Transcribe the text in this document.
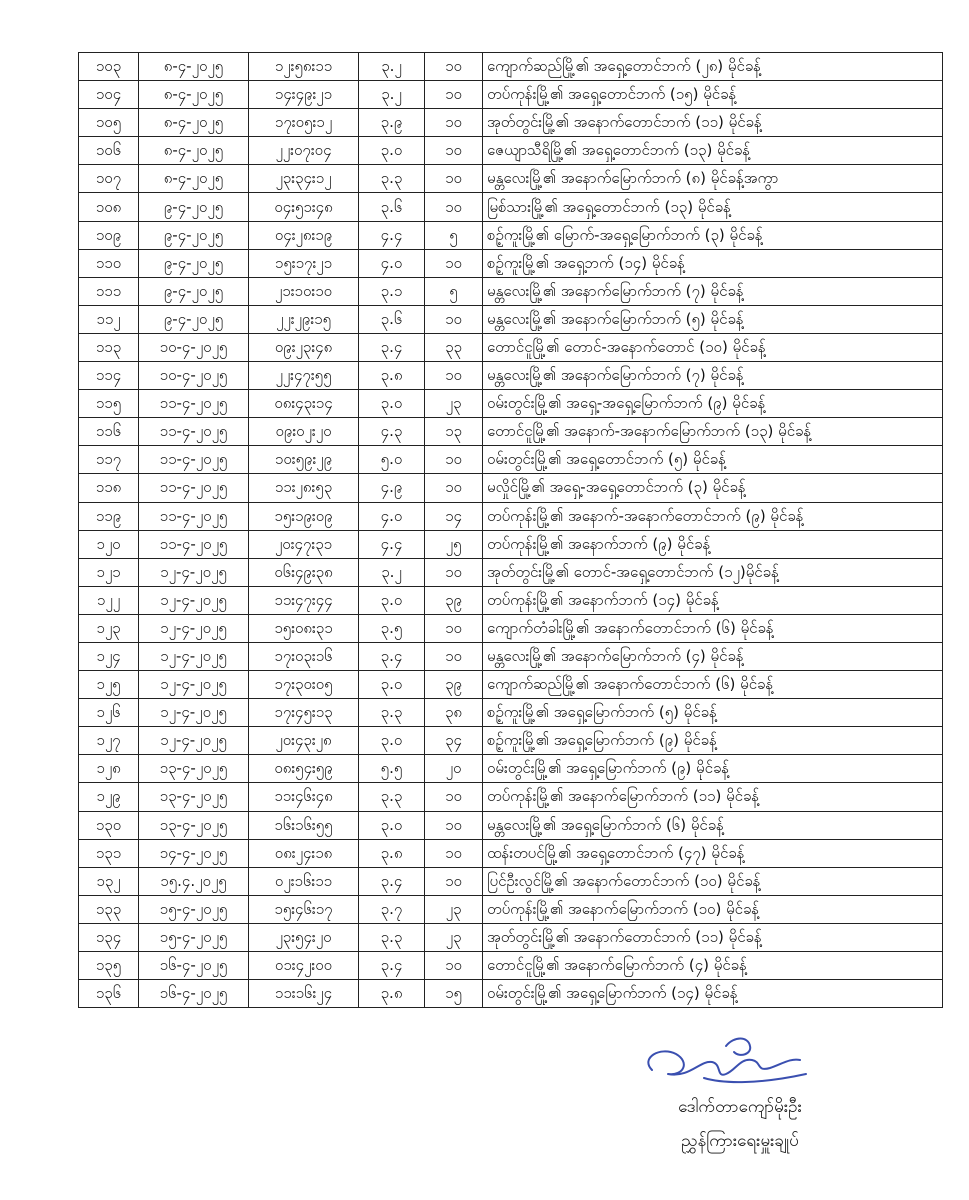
၁၀၃	၈-၄-၂၀၂၅	၁၂း၅၈း၁၁	၃.၂	၁၀	ကျောက်ဆည်မြို့၏ အရှေ့တောင်ဘက် (၂၈) မိုင်ခန့်
၁၀၄	၈-၄-၂၀၂၅	၁၄း၄၉း၂၁	၃.၂	၁၀	တပ်ကုန်းမြို့၏ အရှေ့တောင်ဘက် (၁၅) မိုင်ခန့်
၁၀၅	၈-၄-၂၀၂၅	၁၇း၀၅း၁၂	၃.၉	၁၀	အုတ်တွင်းမြို့၏ အနောက်တောင်ဘက် (၁၁) မိုင်ခန့်
၁၀၆	၈-၄-၂၀၂၅	၂၂း၀၇း၀၄	၃.၀	၁၀	ဇေယျာသီရိမြို့၏ အရှေ့တောင်ဘက် (၁၃) မိုင်ခန့်
၁၀၇	၈-၄-၂၀၂၅	၂၃း၃၄း၁၂	၃.၃	၁၀	မန္တလေးမြို့၏ အနောက်မြောက်ဘက် (၈) မိုင်ခန့်အကွာ
၁၀၈	၉-၄-၂၀၂၅	၀၄း၅၁း၄၈	၃.၆	၁၀	မြစ်သားမြို့၏ အရှေ့တောင်ဘက် (၁၃) မိုင်ခန့်
၁၀၉	၉-၄-၂၀၂၅	၀၄း၂၈း၁၉	၄.၄	၅	စဉ့်ကူးမြို့၏ မြောက်-အရှေ့မြောက်ဘက် (၃) မိုင်ခန့်
၁၁၀	၉-၄-၂၀၂၅	၁၅း၁၇း၂၁	၄.၀	၁၀	စဉ့်ကူးမြို့၏ အရှေ့ဘက် (၁၄) မိုင်ခန့်
၁၁၁	၉-၄-၂၀၂၅	၂၁း၁၀း၁၀	၃.၁	၅	မန္တလေးမြို့၏ အနောက်မြောက်ဘက် (၇) မိုင်ခန့်
၁၁၂	၉-၄-၂၀၂၅	၂၂း၂၉း၁၅	၃.၆	၁၀	မန္တလေးမြို့၏ အနောက်မြောက်ဘက် (၅) မိုင်ခန့်
၁၁၃	၁၀-၄-၂၀၂၅	၀၉း၂၃း၄၈	၃.၄	၃၃	တောင်ငူမြို့၏ တောင်-အနောက်တောင် (၁၀) မိုင်ခန့်
၁၁၄	၁၀-၄-၂၀၂၅	၂၂း၄၇း၅၅	၃.၈	၁၀	မန္တလေးမြို့၏ အနောက်မြောက်ဘက် (၇) မိုင်ခန့်
၁၁၅	၁၁-၄-၂၀၂၅	၀၈း၄၃း၁၄	၃.၀	၂၃	ဝမ်းတွင်းမြို့၏ အရှေ့-အရှေ့မြောက်ဘက် (၉) မိုင်ခန့်
၁၁၆	၁၁-၄-၂၀၂၅	၀၉း၀၂း၂၀	၄.၃	၁၃	တောင်ငူမြို့၏ အနောက်-အနောက်မြောက်ဘက် (၁၃) မိုင်ခန့်
၁၁၇	၁၁-၄-၂၀၂၅	၁၀း၅၉း၂၉	၅.၀	၁၀	ဝမ်းတွင်းမြို့၏ အရှေ့တောင်ဘက် (၅) မိုင်ခန့်
၁၁၈	၁၁-၄-၂၀၂၅	၁၁း၂၈း၅၃	၄.၉	၁၀	မလှိုင်မြို့၏ အရှေ့-အရှေ့တောင်ဘက် (၃) မိုင်ခန့်
၁၁၉	၁၁-၄-၂၀၂၅	၁၅း၁၉း၀၉	၄.၀	၁၄	တပ်ကုန်းမြို့၏ အနောက်-အနောက်တောင်ဘက် (၉) မိုင်ခန့်
၁၂၀	၁၁-၄-၂၀၂၅	၂၀း၄၇း၃၁	၄.၄	၂၅	တပ်ကုန်းမြို့၏ အနောက်ဘက် (၉) မိုင်ခန့်
၁၂၁	၁၂-၄-၂၀၂၅	၀၆း၄၉း၃၈	၃.၂	၁၀	အုတ်တွင်းမြို့၏ တောင်-အရှေ့တောင်ဘက် (၁၂)မိုင်ခန့်
၁၂၂	၁၂-၄-၂၀၂၅	၁၁း၄၇း၄၄	၃.၀	၃၉	တပ်ကုန်းမြို့၏ အနောက်ဘက် (၁၄) မိုင်ခန့်
၁၂၃	၁၂-၄-၂၀၂၅	၁၅း၀၈း၃၁	၃.၅	၁၀	ကျောက်တံခါးမြို့၏ အနောက်တောင်ဘက် (၆) မိုင်ခန့်
၁၂၄	၁၂-၄-၂၀၂၅	၁၇း၀၃း၁၆	၃.၄	၁၀	မန္တလေးမြို့၏ အနောက်မြောက်ဘက် (၄) မိုင်ခန့်
၁၂၅	၁၂-၄-၂၀၂၅	၁၇း၃၀း၀၅	၃.၀	၃၉	ကျောက်ဆည်မြို့၏ အနောက်တောင်ဘက် (၆) မိုင်ခန့်
၁၂၆	၁၂-၄-၂၀၂၅	၁၇း၄၅း၁၃	၃.၃	၃၈	စဉ့်ကူးမြို့၏ အရှေ့မြောက်ဘက် (၅) မိုင်ခန့်
၁၂၇	၁၂-၄-၂၀၂၅	၂၀း၄၃း၂၈	၃.၀	၃၄	စဉ့်ကူးမြို့၏ အရှေ့မြောက်ဘက် (၉) မိုင်ခန့်
၁၂၈	၁၃-၄-၂၀၂၅	၀၈း၅၄း၅၉	၅.၅	၂၀	ဝမ်းတွင်းမြို့၏ အရှေ့မြောက်ဘက် (၉) မိုင်ခန့်
၁၂၉	၁၃-၄-၂၀၂၅	၁၁း၄၆း၄၈	၃.၃	၁၀	တပ်ကုန်းမြို့၏ အနောက်မြောက်ဘက် (၁၁) မိုင်ခန့်
၁၃၀	၁၃-၄-၂၀၂၅	၁၆း၁၆း၅၅	၃.၀	၁၀	မန္တလေးမြို့၏ အရှေ့မြောက်ဘက် (၆) မိုင်ခန့်
၁၃၁	၁၄-၄-၂၀၂၅	၀၈း၂၄း၁၈	၃.၈	၁၀	ထန်းတပင်မြို့၏ အရှေ့တောင်ဘက် (၄၇) မိုင်ခန့်
၁၃၂	၁၅.၄.၂၀၂၅	၀၂း၁၆း၁၁	၃.၄	၁၀	ပြင်ဦးလွင်မြို့၏ အနောက်တောင်ဘက် (၁၀) မိုင်ခန့်
၁၃၃	၁၅-၄-၂၀၂၅	၁၅း၄၆း၁၇	၃.၇	၂၃	တပ်ကုန်းမြို့၏ အနောက်မြောက်ဘက် (၁၀) မိုင်ခန့်
၁၃၄	၁၅-၄-၂၀၂၅	၂၃း၅၄း၂၀	၃.၃	၂၃	အုတ်တွင်းမြို့၏ အနောက်တောင်ဘက် (၁၁) မိုင်ခန့်
၁၃၅	၁၆-၄-၂၀၂၅	၀၁း၄၂း၀၀	၃.၄	၁၀	တောင်ငူမြို့၏ အနောက်မြောက်ဘက် (၄) မိုင်ခန့်
၁၃၆	၁၆-၄-၂၀၂၅	၁၁း၁၆း၂၄	၃.၈	၁၅	ဝမ်းတွင်းမြို့၏ အရှေ့မြောက်ဘက် (၁၄) မိုင်ခန့်
ဒေါက်တာကျော်မိုးဦး
ညွှန်ကြားရေးမှူးချုပ်
